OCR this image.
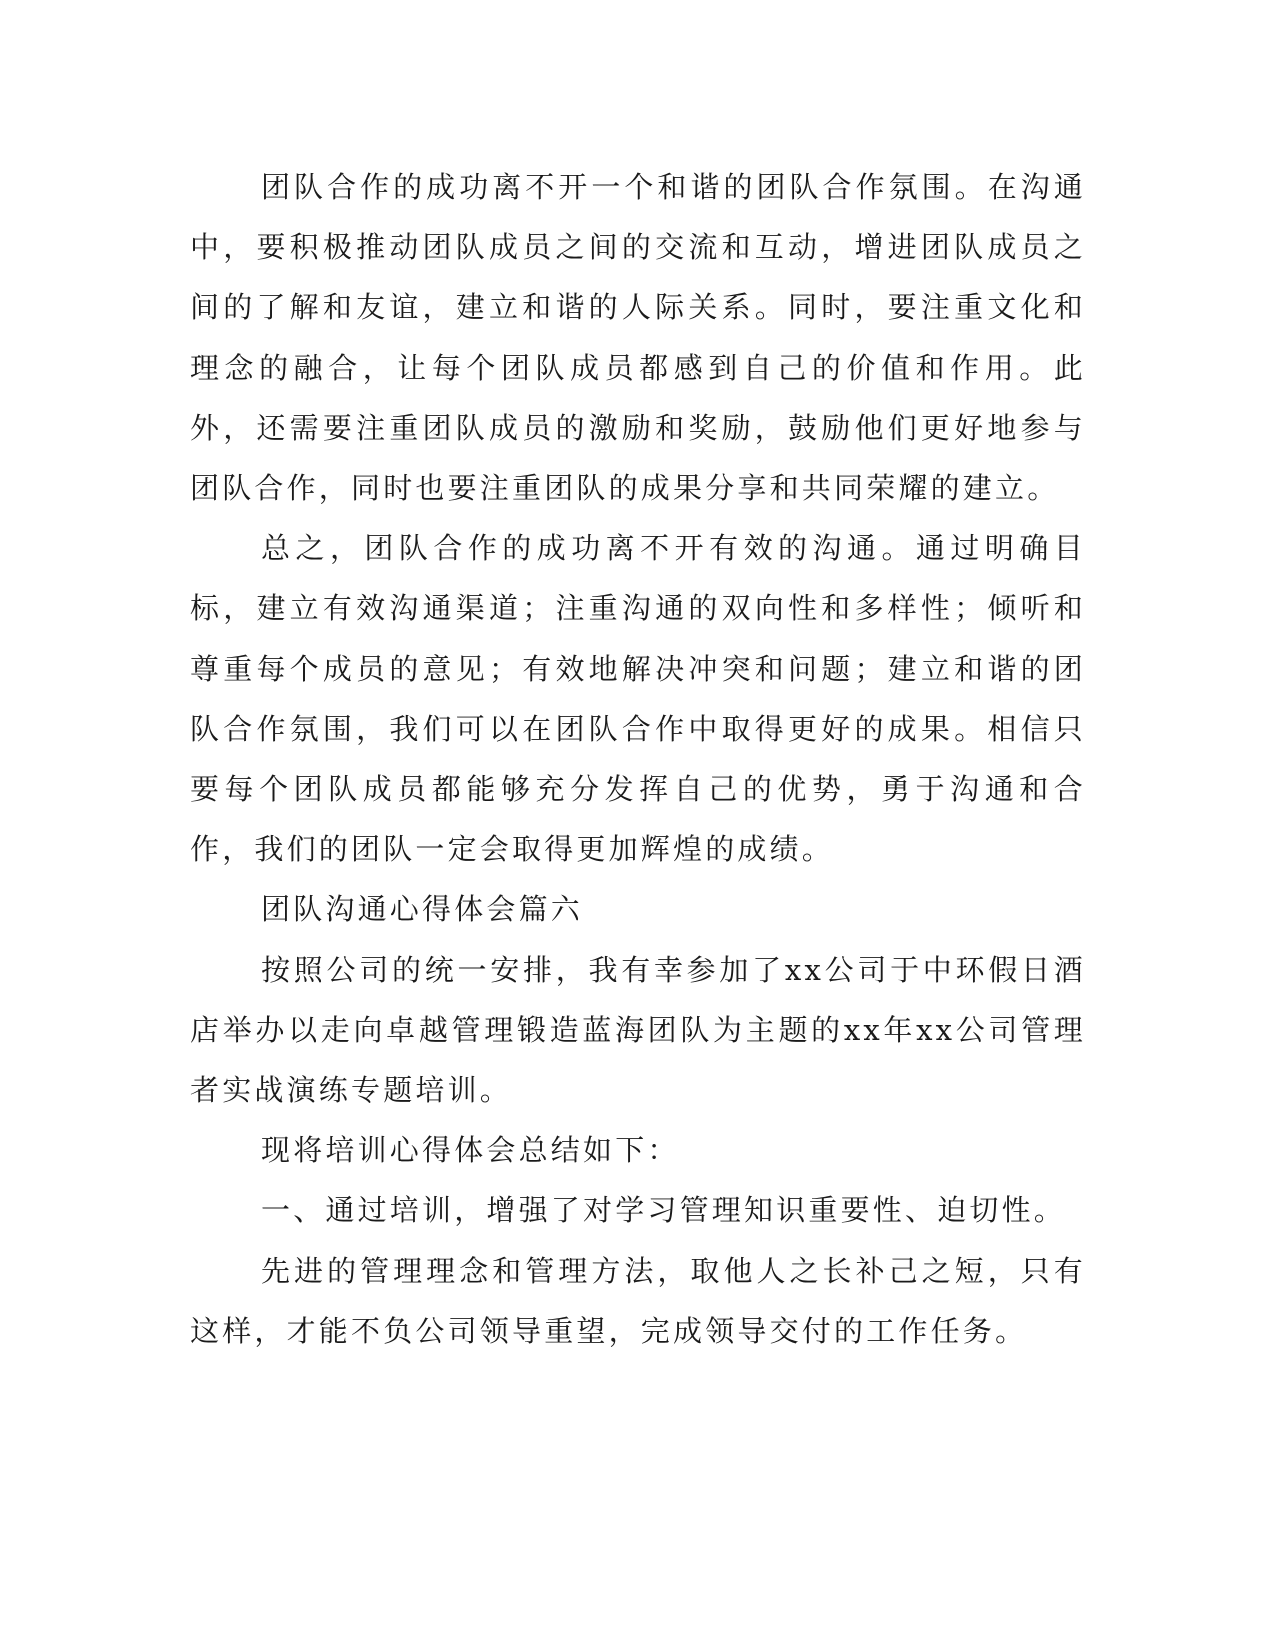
团队合作的成功离不开一个和谐的团队合作氛围。在沟通中，要积极推动团队成员之间的交流和互动，增进团队成员之间的了解和友谊，建立和谐的人际关系。同时，要注重文化和理念的融合，让每个团队成员都感到自己的价值和作用。此外，还需要注重团队成员的激励和奖励，鼓励他们更好地参与团队合作，同时也要注重团队的成果分享和共同荣耀的建立。

总之，团队合作的成功离不开有效的沟通。通过明确目标，建立有效沟通渠道；注重沟通的双向性和多样性；倾听和尊重每个成员的意见；有效地解决冲突和问题；建立和谐的团队合作氛围，我们可以在团队合作中取得更好的成果。相信只要每个团队成员都能够充分发挥自己的优势，勇于沟通和合作，我们的团队一定会取得更加辉煌的成绩。

团队沟通心得体会篇六

按照公司的统一安排，我有幸参加了xx公司于中环假日酒店举办以走向卓越管理锻造蓝海团队为主题的xx年xx公司管理者实战演练专题培训。

现将培训心得体会总结如下：

一、通过培训，增强了对学习管理知识重要性、迫切性。

先进的管理理念和管理方法，取他人之长补己之短，只有这样，才能不负公司领导重望，完成领导交付的工作任务。
